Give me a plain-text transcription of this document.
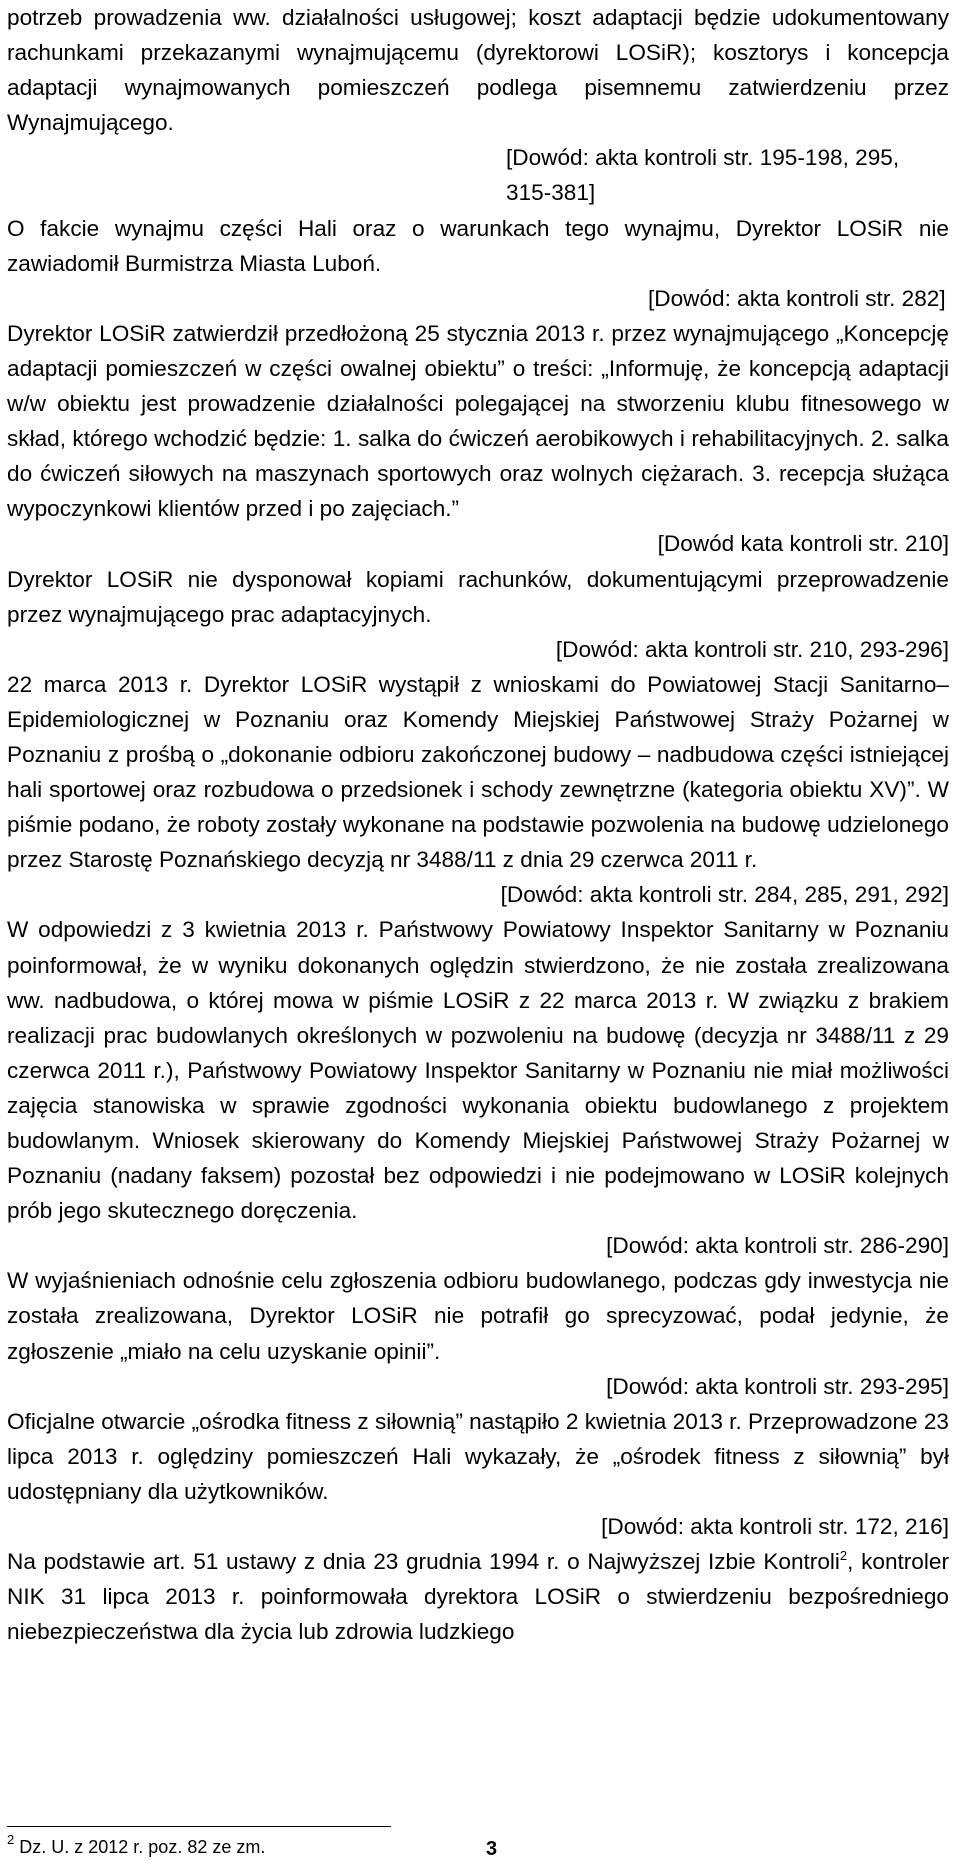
potrzeb prowadzenia ww. działalności usługowej; koszt adaptacji będzie udokumentowany rachunkami przekazanymi wynajmującemu (dyrektorowi LOSiR); kosztorys i koncepcja adaptacji wynajmowanych pomieszczeń podlega pisemnemu zatwierdzeniu przez Wynajmującego.

[Dowód: akta kontroli str. 195-198, 295, 315-381]

O fakcie wynajmu części Hali oraz o warunkach tego wynajmu, Dyrektor LOSiR nie zawiadomił Burmistrza Miasta Luboń.

[Dowód: akta kontroli str. 282]

Dyrektor LOSiR zatwierdził przedłożoną 25 stycznia 2013 r. przez wynajmującego „Koncepcję adaptacji pomieszczeń w części owalnej obiektu” o treści: „Informuję, że koncepcją adaptacji w/w obiektu jest prowadzenie działalności polegającej na stworzeniu klubu fitnesowego w skład, którego wchodzić będzie: 1. salka do ćwiczeń aerobikowych i rehabilitacyjnych. 2. salka do ćwiczeń siłowych na maszynach sportowych oraz wolnych ciężarach. 3. recepcja służąca wypoczynkowi klientów przed i po zajęciach.”

[Dowód kata kontroli str. 210]

Dyrektor LOSiR nie dysponował kopiami rachunków, dokumentującymi przeprowadzenie przez wynajmującego prac adaptacyjnych.

[Dowód: akta kontroli str. 210, 293-296]

22 marca 2013 r. Dyrektor LOSiR wystąpił z wnioskami do Powiatowej Stacji Sanitarno–Epidemiologicznej w Poznaniu oraz Komendy Miejskiej Państwowej Straży Pożarnej w Poznaniu z prośbą o „dokonanie odbioru zakończonej budowy – nadbudowa części istniejącej hali sportowej oraz rozbudowa o przedsionek i schody zewnętrzne (kategoria obiektu XV)”. W piśmie podano, że roboty zostały wykonane na podstawie pozwolenia na budowę udzielonego przez Starostę Poznańskiego decyzją nr 3488/11 z dnia 29 czerwca 2011 r.

[Dowód: akta kontroli str. 284, 285, 291, 292]

W odpowiedzi z 3 kwietnia 2013 r. Państwowy Powiatowy Inspektor Sanitarny w Poznaniu poinformował, że w wyniku dokonanych oględzin stwierdzono, że nie została zrealizowana ww. nadbudowa, o której mowa w piśmie LOSiR z 22 marca 2013 r. W związku z brakiem realizacji prac budowlanych określonych w pozwoleniu na budowę (decyzja nr 3488/11 z 29 czerwca 2011 r.), Państwowy Powiatowy Inspektor Sanitarny w Poznaniu nie miał możliwości zajęcia stanowiska w sprawie zgodności wykonania obiektu budowlanego z projektem budowlanym. Wniosek skierowany do Komendy Miejskiej Państwowej Straży Pożarnej w Poznaniu (nadany faksem) pozostał bez odpowiedzi i nie podejmowano w LOSiR kolejnych prób jego skutecznego doręczenia.

[Dowód: akta kontroli str. 286-290]

W wyjaśnieniach odnośnie celu zgłoszenia odbioru budowlanego, podczas gdy inwestycja nie została zrealizowana, Dyrektor LOSiR nie potrafił go sprecyzować, podał jedynie, że zgłoszenie „miało na celu uzyskanie opinii”.

[Dowód: akta kontroli str. 293-295]

Oficjalne otwarcie „ośrodka fitness z siłownią” nastąpiło 2 kwietnia 2013 r. Przeprowadzone 23 lipca 2013 r. oględziny pomieszczeń Hali wykazały, że „ośrodek fitness z siłownią” był udostępniany dla użytkowników.

[Dowód: akta kontroli str. 172, 216]

Na podstawie art. 51 ustawy z dnia 23 grudnia 1994 r. o Najwyższej Izbie Kontroli$^2$, kontroler NIK 31 lipca 2013 r. poinformowała dyrektora LOSiR o stwierdzeniu bezpośredniego niebezpieczeństwa dla życia lub zdrowia ludzkiego

$^2$ Dz. U. z 2012 r. poz. 82 ze zm.	3
